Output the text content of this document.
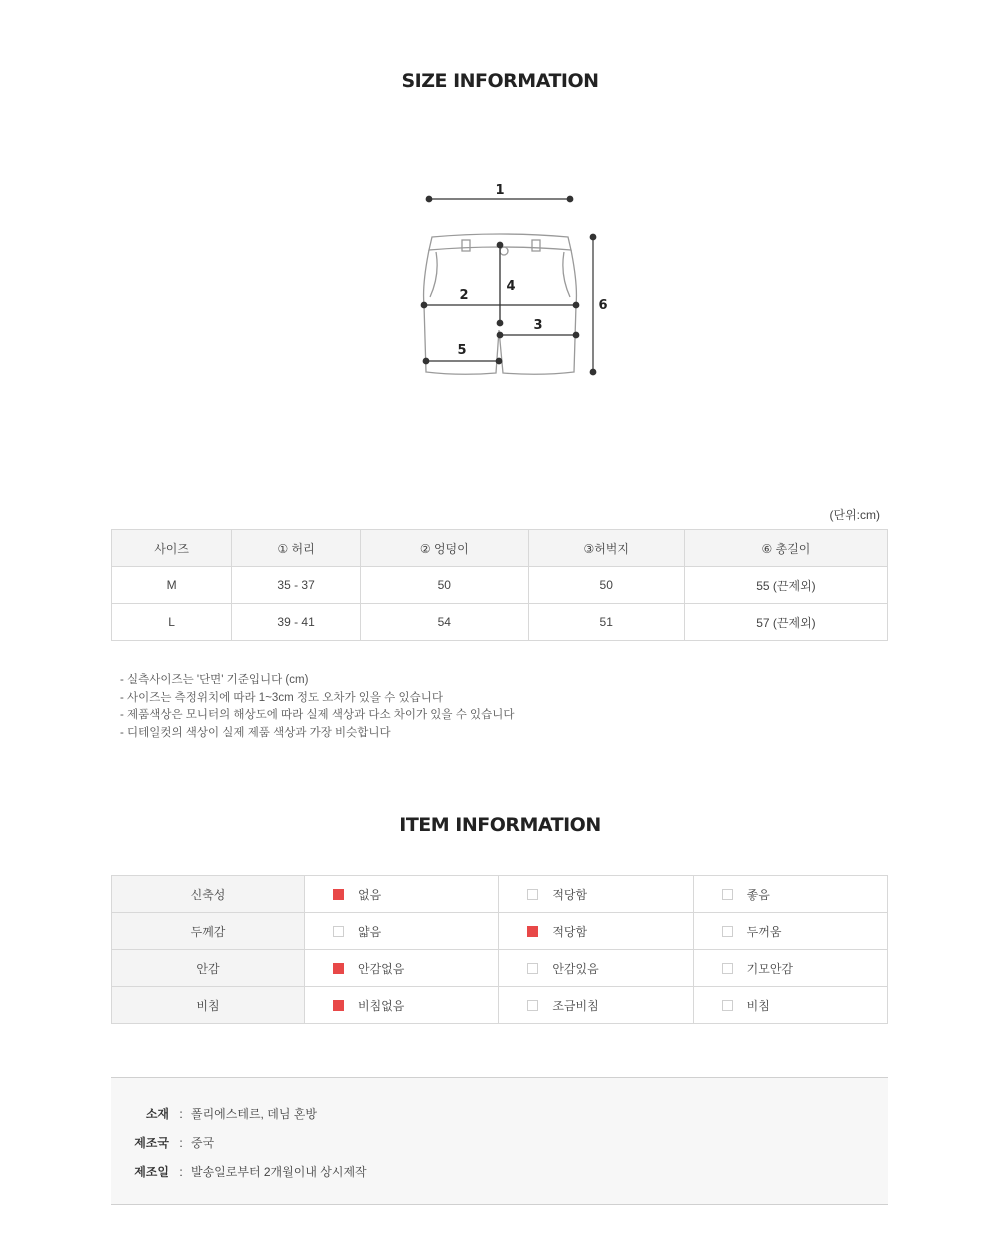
SIZE INFORMATION
1
2
3
4
5
6
(단위:cm)
사이즈	① 허리	② 엉덩이	③허벅지	⑥ 총길이
M	35 - 37	50	50	55 (끈제외)
L	39 - 41	54	51	57 (끈제외)
- 실측사이즈는 '단면' 기준입니다 (cm)
- 사이즈는 측정위치에 따라 1~3cm 정도 오차가 있을 수 있습니다
- 제품색상은 모니터의 해상도에 따라 실제 색상과 다소 차이가 있을 수 있습니다
- 디테일컷의 색상이 실제 제품 색상과 가장 비슷합니다
ITEM INFORMATION
신축성	없음	적당함	좋음
두께감	얇음	적당함	두꺼움
안감	안감없음	안감있음	기모안감
비침	비침없음	조금비침	비침
소재 : 폴리에스테르, 데님 혼방
제조국 : 중국
제조일 : 발송일로부터 2개월이내 상시제작
